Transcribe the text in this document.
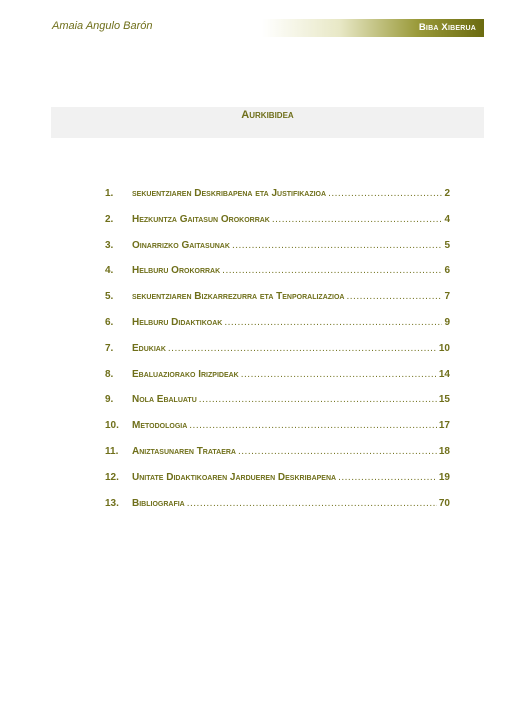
Amaia Angulo Barón	Biba Xiberua
Aurkibidea
1.	sekuentziaren Deskribapena eta Justifikazioa .....	2
2.	Hezkuntza Gaitasun Orokorrak .....	4
3.	Oinarrizko Gaitasunak .....	5
4.	Helburu Orokorrak .....	6
5.	sekuentziaren Bizkarrezurra eta Tenporalizazioa .....	7
6.	Helburu Didaktikoak .....	9
7.	Edukiak .....	10
8.	Ebaluaziorako Irizpideak .....	14
9.	Nola Ebaluatu .....	15
10.	Metodologia .....	17
11.	Aniztasunaren Trataera .....	18
12.	Unitate Didaktikoaren Jardueren Deskribapena .....	19
13.	Bibliografia .....	70
